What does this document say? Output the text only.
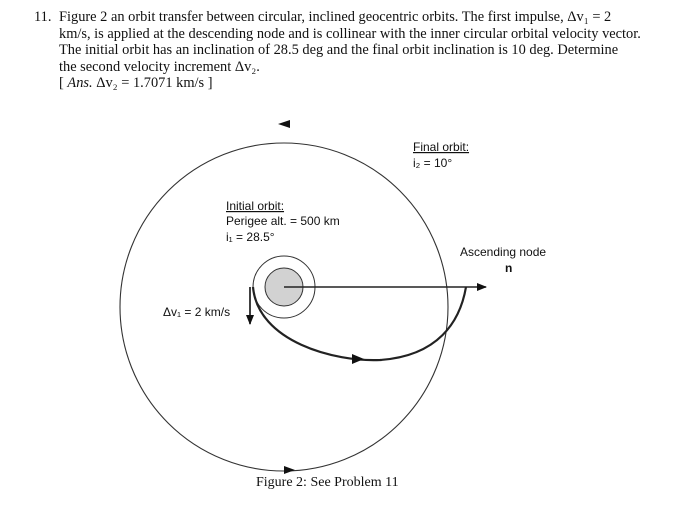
11. Figure 2 an orbit transfer between circular, inclined geocentric orbits. The first impulse, Δv₁ = 2
km/s, is applied at the descending node and is collinear with the inner circular orbital velocity vector.
The initial orbit has an inclination of 28.5 deg and the final orbit inclination is 10 deg. Determine
the second velocity increment Δv₂.
[ Ans. Δv₂ = 1.7071 km/s ]
Final orbit:
i₂ = 10°
Initial orbit:
Perigee alt. = 500 km
i₁ = 28.5°
Ascending node
n
Δv₁ = 2 km/s
Figure 2: See Problem 11
